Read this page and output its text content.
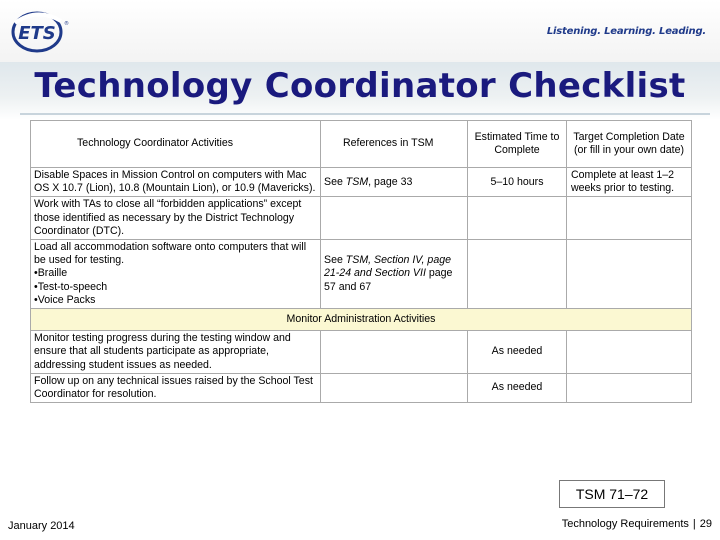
ETS ®
Listening. Learning. Leading.
Technology Coordinator Checklist
Technology Coordinator Activities	References in TSM	Estimated Time to Complete	Target Completion Date (or fill in your own date)
Disable Spaces in Mission Control on computers with Mac OS X 10.7 (Lion), 10.8 (Mountain Lion), or 10.9 (Mavericks).	See TSM, page 33	5–10 hours	Complete at least 1–2 weeks prior to testing.
Work with TAs to close all “forbidden applications” except those identified as necessary by the District Technology Coordinator (DTC).			

Load all accommodation software onto computers that will be used for testing.
•Braille
•Test-to-speech
•Voice Packs	See TSM, Section IV, page 21-24 and Section VII page 57 and 67		
Monitor Administration Activities			
Monitor testing progress during the testing window and ensure that all students participate as appropriate, addressing student issues as needed.		As needed	
Follow up on any technical issues raised by the School Test Coordinator for resolution.		As needed	
TSM 71–72
January 2014	Technology Requirements | 29
